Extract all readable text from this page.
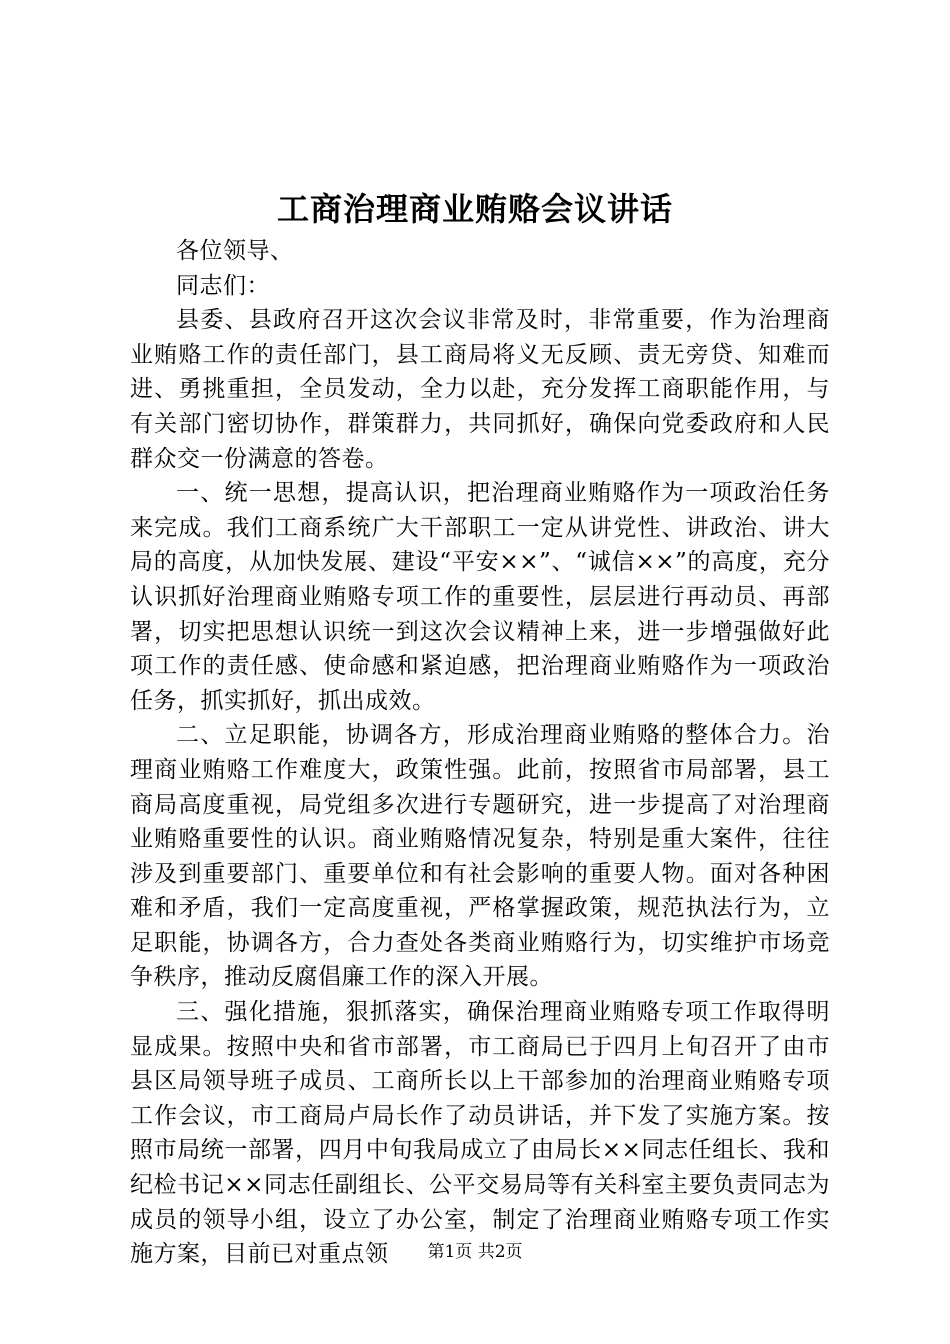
工商治理商业贿赂会议讲话

各位领导、

同志们：

县委、县政府召开这次会议非常及时，非常重要，作为治理商业贿赂工作的责任部门，县工商局将义无反顾、责无旁贷、知难而进、勇挑重担，全员发动，全力以赴，充分发挥工商职能作用，与有关部门密切协作，群策群力，共同抓好，确保向党委政府和人民群众交一份满意的答卷。

一、统一思想，提高认识，把治理商业贿赂作为一项政治任务来完成。我们工商系统广大干部职工一定从讲党性、讲政治、讲大局的高度，从加快发展、建设“平安××”、“诚信××”的高度，充分认识抓好治理商业贿赂专项工作的重要性，层层进行再动员、再部署，切实把思想认识统一到这次会议精神上来，进一步增强做好此项工作的责任感、使命感和紧迫感，把治理商业贿赂作为一项政治任务，抓实抓好，抓出成效。

二、立足职能，协调各方，形成治理商业贿赂的整体合力。治理商业贿赂工作难度大，政策性强。此前，按照省市局部署，县工商局高度重视，局党组多次进行专题研究，进一步提高了对治理商业贿赂重要性的认识。商业贿赂情况复杂，特别是重大案件，往往涉及到重要部门、重要单位和有社会影响的重要人物。面对各种困难和矛盾，我们一定高度重视，严格掌握政策，规范执法行为，立足职能，协调各方，合力查处各类商业贿赂行为，切实维护市场竞争秩序，推动反腐倡廉工作的深入开展。

三、强化措施，狠抓落实，确保治理商业贿赂专项工作取得明显成果。按照中央和省市部署，市工商局已于四月上旬召开了由市县区局领导班子成员、工商所长以上干部参加的治理商业贿赂专项工作会议，市工商局卢局长作了动员讲话，并下发了实施方案。按照市局统一部署，四月中旬我局成立了由局长××同志任组长、我和纪检书记××同志任副组长、公平交易局等有关科室主要负责同志为成员的领导小组，设立了办公室，制定了治理商业贿赂专项工作实施方案，目前已对重点领	第1页 共2页
